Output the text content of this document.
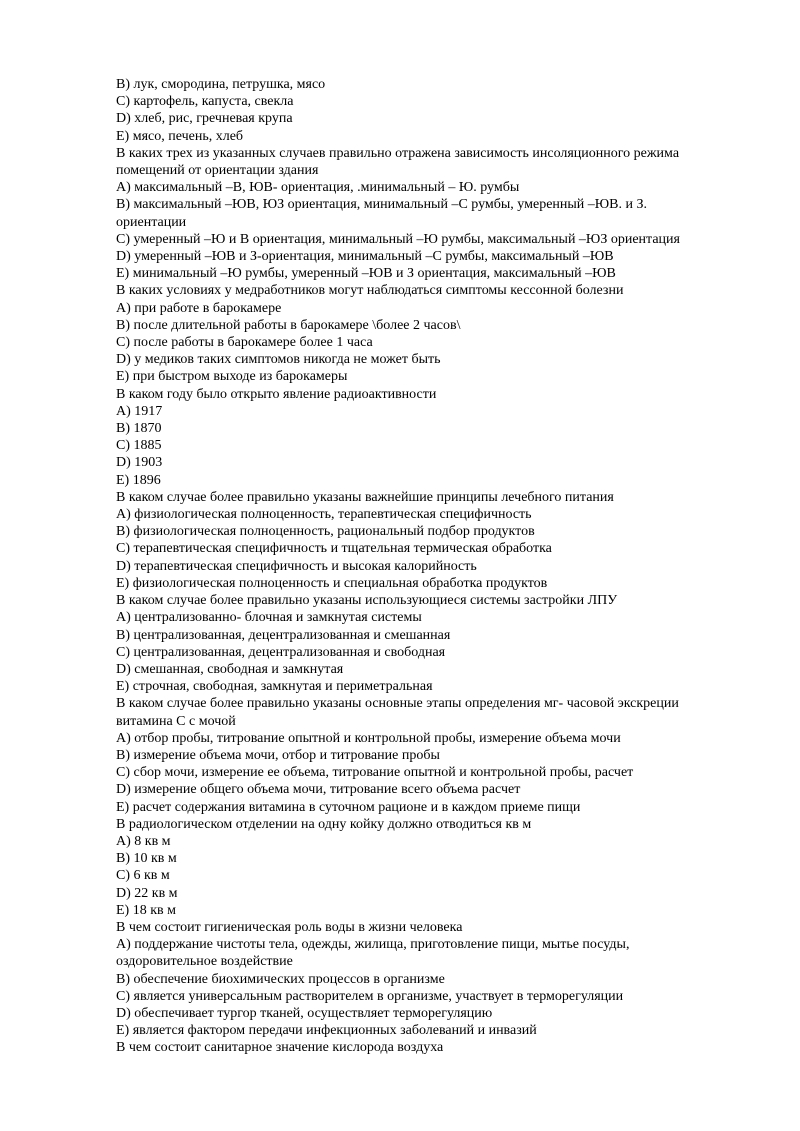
B) лук, смородина, петрушка, мясо
C) картофель, капуста, свекла
D) хлеб, рис, гречневая крупа
E) мясо, печень, хлеб
В каких трех из указанных случаев правильно отражена зависимость инсоляционного режима
помещений от ориентации здания
A) максимальный –В, ЮВ- ориентация, .минимальный – Ю. румбы
B) максимальный –ЮВ, ЮЗ ориентация, минимальный –С румбы, умеренный –ЮВ. и З.
ориентации
C) умеренный –Ю и В ориентация, минимальный –Ю румбы, максимальный –ЮЗ ориентация
D) умеренный –ЮВ и З-ориентация, минимальный –С румбы, максимальный –ЮВ
E) минимальный –Ю румбы, умеренный –ЮВ и З ориентация, максимальный –ЮВ
В каких условиях у медработников могут наблюдаться симптомы кессонной болезни
A) при работе в барокамере
B) после длительной работы в барокамере \более 2 часов\
C) после работы в барокамере более 1 часа
D) у медиков таких симптомов никогда не может быть
E) при быстром выходе из барокамеры
В каком году было открыто явление радиоактивности
A) 1917
B) 1870
C) 1885
D) 1903
E) 1896
В каком случае более правильно указаны важнейшие принципы лечебного питания
A) физиологическая полноценность, терапевтическая специфичность
B) физиологическая полноценность, рациональный подбор продуктов
C) терапевтическая специфичность и тщательная термическая обработка
D) терапевтическая специфичность и высокая калорийность
E) физиологическая полноценность и специальная обработка продуктов
В каком случае более правильно указаны использующиеся системы застройки ЛПУ
A) централизованно- блочная и замкнутая системы
B) централизованная, децентрализованная и смешанная
C) централизованная, децентрализованная и свободная
D) смешанная, свободная и замкнутая
E) строчная, свободная, замкнутая и периметральная
В каком случае более правильно указаны основные этапы определения мг- часовой экскреции
витамина С с мочой
A) отбор пробы, титрование опытной и контрольной пробы, измерение объема мочи
B) измерение объема мочи, отбор и титрование пробы
C) сбор мочи, измерение ее объема, титрование опытной и контрольной пробы, расчет
D) измерение общего объема мочи, титрование всего объема расчет
E) расчет содержания витамина в суточном рационе и в каждом приеме пищи
В радиологическом отделении на одну койку должно отводиться кв м
A) 8 кв м
B) 10 кв м
C) 6 кв м
D) 22 кв м
E) 18 кв м
В чем состоит гигиеническая роль воды в жизни человека
A) поддержание чистоты тела, одежды, жилища, приготовление пищи, мытье посуды,
оздоровительное воздействие
B) обеспечение биохимических процессов в организме
C) является универсальным растворителем в организме, участвует в терморегуляции
D) обеспечивает тургор тканей, осуществляет терморегуляцию
E) является фактором передачи инфекционных заболеваний и инвазий
В чем состоит санитарное значение кислорода воздуха
